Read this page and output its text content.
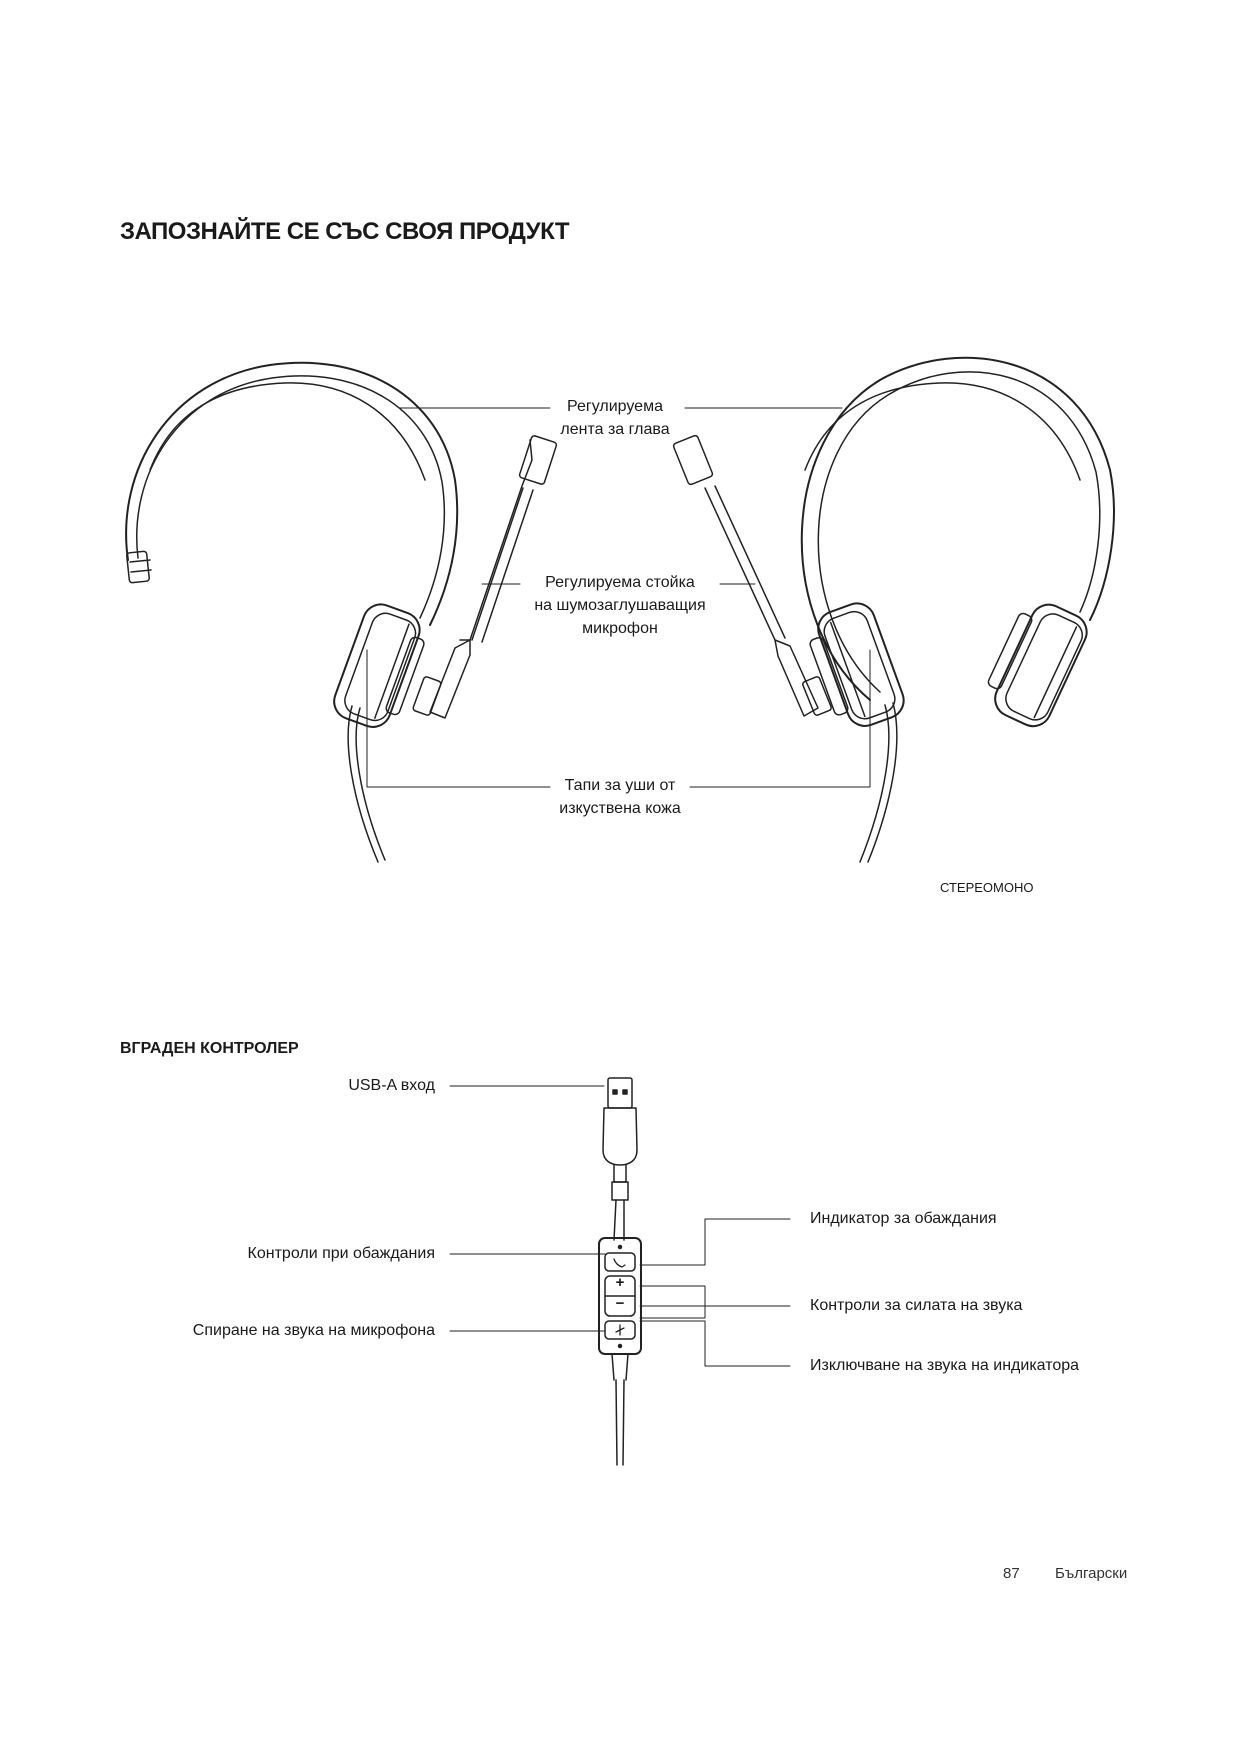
ЗАПОЗНАЙТЕ СЕ СЪС СВОЯ ПРОДУКТ
+
−
Регулируема
лента за глава
Регулируема стойка
на шумозаглушаващия
микрофон
Тапи за уши от
изкуствена кожа
СТЕРЕОМОНО
ВГРАДЕН КОНТРОЛЕР
USB-A вход
Контроли при обаждания
Спиране на звука на микрофона
Индикатор за обаждания
Контроли за силата на звука
Изключване на звука на индикатора
87 Български
